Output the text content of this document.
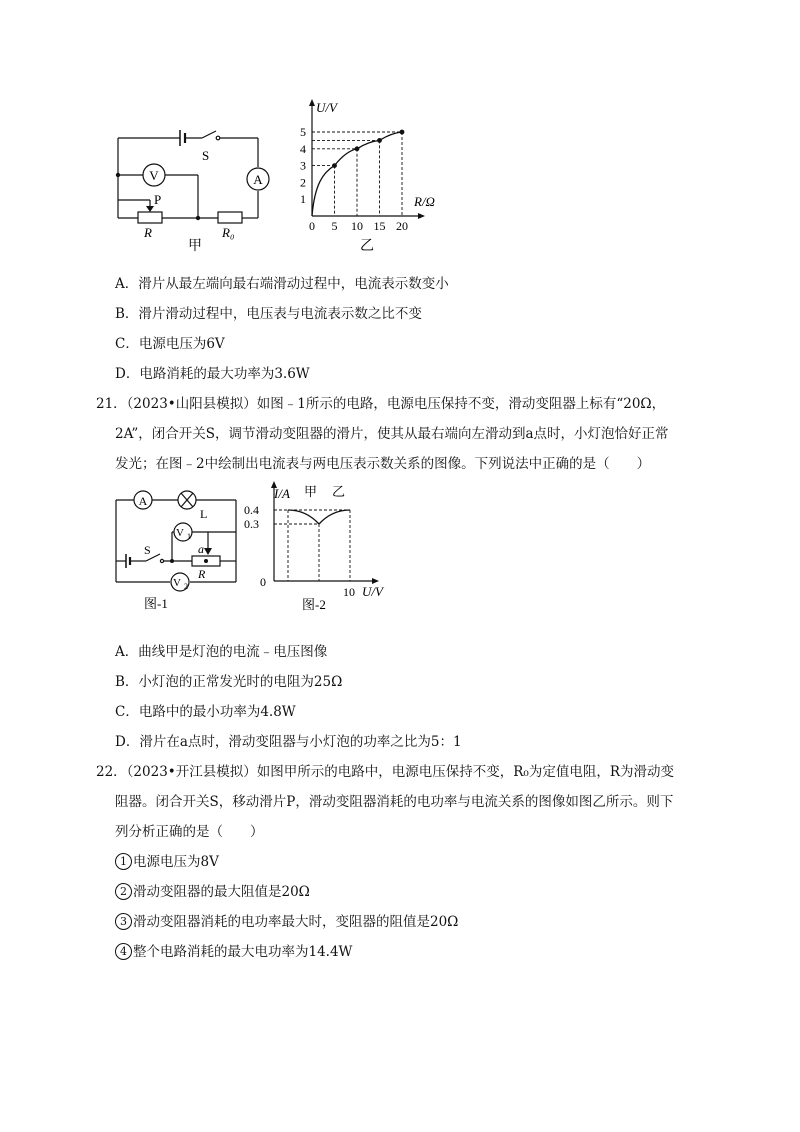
V	A
S
P
R	R₀
甲
U/V
R/Ω
0 5 10 15 20
1
2
3
4
5
乙
A．滑片从最左端向最右端滑动过程中，电流表示数变小
B．滑片滑动过程中，电压表与电流表示数之比不变
C．电源电压为6V
D．电路消耗的最大功率为3.6W
21．（2023•山阳县模拟）如图﹣1所示的电路，电源电压保持不变，滑动变阻器上标有“20Ω，
2A”，闭合开关S，调节滑动变阻器的滑片，使其从最右端向左滑动到a点时，小灯泡恰好正常
发光；在图﹣2中绘制出电流表与两电压表示数关系的图像。下列说法中正确的是（　　）
A
L
V 1
V 2
S	a
R
图-1
I/A 甲 乙
0.4
0.3
0
10 U/V
图-2
A．曲线甲是灯泡的电流﹣电压图像
B．小灯泡的正常发光时的电阻为25Ω
C．电路中的最小功率为4.8W
D．滑片在a点时，滑动变阻器与小灯泡的功率之比为5：1
22．（2023•开江县模拟）如图甲所示的电路中，电源电压保持不变，R₀为定值电阻，R为滑动变
阻器。闭合开关S，移动滑片P，滑动变阻器消耗的电功率与电流关系的图像如图乙所示。则下
列分析正确的是（　　）
1 电源电压为8V
2 滑动变阻器的最大阻值是20Ω
3 滑动变阻器消耗的电功率最大时，变阻器的阻值是20Ω
4 整个电路消耗的最大电功率为14.4W
